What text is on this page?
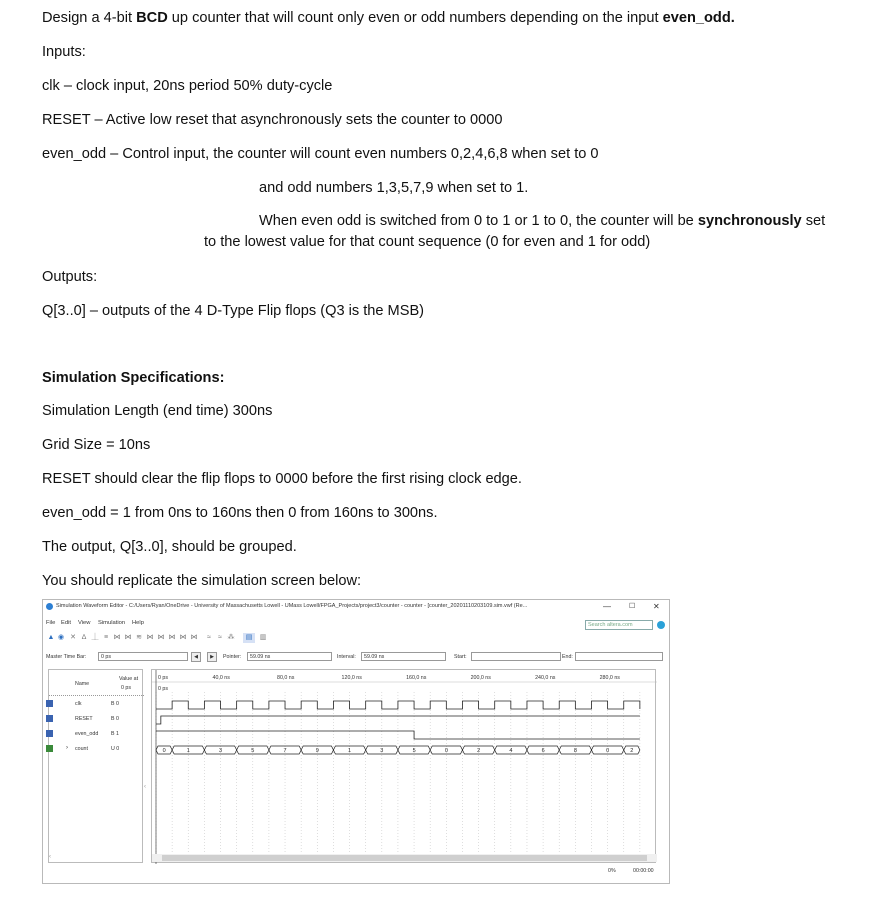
Design a 4-bit BCD up counter that will count only even or odd numbers depending on the input even_odd.
Inputs:
clk – clock input, 20ns period 50% duty-cycle
RESET – Active low reset that asynchronously sets the counter to 0000
even_odd – Control input, the counter will count even numbers 0,2,4,6,8 when set to 0
and odd numbers 1,3,5,7,9 when set to 1.
When even odd is switched from 0 to 1 or 1 to 0, the counter will be synchronously set
to the lowest value for that count sequence (0 for even and 1 for odd)
Outputs:
Q[3..0] – outputs of the 4 D-Type Flip flops (Q3 is the MSB)
Simulation Specifications:
Simulation Length (end time) 300ns
Grid Size = 10ns
RESET should clear the flip flops to 0000 before the first rising clock edge.
even_odd = 1 from 0ns to 160ns then 0 from 160ns to 300ns.
The output, Q[3..0], should be grouped.
You should replicate the simulation screen below:
Simulation Waveform Editor - C:/Users/Ryan/OneDrive - University of Massachusetts Lowell - UMass Lowell/FPGA_Projects/project3/counter - counter - [counter_20201110203109.sim.vwf (Re...	—	☐ ✕
File Edit View Simulation Help	Search altera.com
▲ ◉ ✕ ∆ ⏊ ≡ ⋈ ⋈ ≋ ⋈ ⋈ ⋈ ⋈ ⋈ ≈ ≈ ⁂	▤	▥
Master Time Bar:	0 ps	Pointer:	59.09 ns	Interval:	59.09 ns	Start:	End:
◀	▶
Name
Value at
0 ps
clk	B 0
RESET	B 0
even_odd B 1
› count	U 0
‹
0 ps	40,0 ns	80,0 ns	120,0 ns	160,0 ns	200,0 ns	240,0 ns	280,0 ns
0 ps
0	1	3	5	7	9	1	3	5	0	2	4	6	8	0	2
‹
0%	00:00:00
